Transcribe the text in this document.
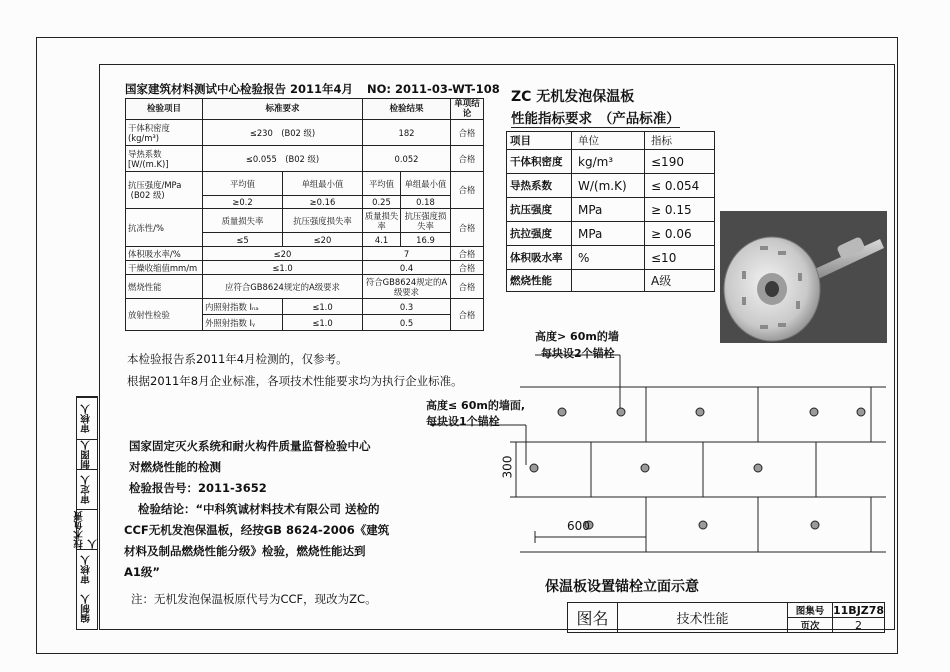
审核人
制图人
审定人
技术负责人
审核人
编制人
国家建筑材料测试中心检验报告 2011年4月 NO: 2011-03-WT-108
检验项目	标准要求		检验结果		单项结论
干体积密度
(kg/m³)	≤230　(B02 级)		182		合格
导热系数
[W/(m.K)]	≤0.055　(B02 级)		0.052		合格
抗压强度/MPa
(B02 级)	平均值	单组最小值	平均值	单组最小值	合格
	≥0.2	≥0.16	0.25	0.18	
抗冻性/%	质量损失率	抗压强度损失率	质量损失率	抗压强度损失率	合格
	≤5	≤20	4.1	16.9	
体积吸水率/%	≤20		7		合格
干燥收缩值mm/m	≤1.0		0.4		合格
燃烧性能	应符合GB8624规定的A级要求		符合GB8624规定的A级要求		合格
放射性检验	内照射指数 Iₙₐ	≤1.0	0.3		合格
	外照射指数 Iᵧ	≤1.0	0.5		
本检验报告系2011年4月检测的，仅参考。
根据2011年8月企业标准，各项技术性能要求均为执行企业标准。
国家固定灭火系统和耐火构件质量监督检验中心
对燃烧性能的检测
检验报告号：2011-3652
检验结论：“中科筑诚材料技术有限公司 送检的
CCF无机发泡保温板，经按GB 8624-2006《建筑
材料及制品燃烧性能分级》检验，燃烧性能达到
A1级”
注：无机发泡保温板原代号为CCF，现改为ZC。
ZC 无机发泡保温板
性能指标要求　（产品标准）
项目	单位	指标
干体积密度	kg/m³	≤190
导热系数	W/(m.K)	≤ 0.054
抗压强度	MPa	≥ 0.15
抗拉强度	MPa	≥ 0.06
体积吸水率	%	≤10
燃烧性能		A级
高度> 60m的墙
每块设2个锚栓
高度≤ 60m的墙面,
每块设1个锚栓
300
600
保温板设置锚栓立面示意
图名	技术性能	图集号	11BJZ78
		页次	2
